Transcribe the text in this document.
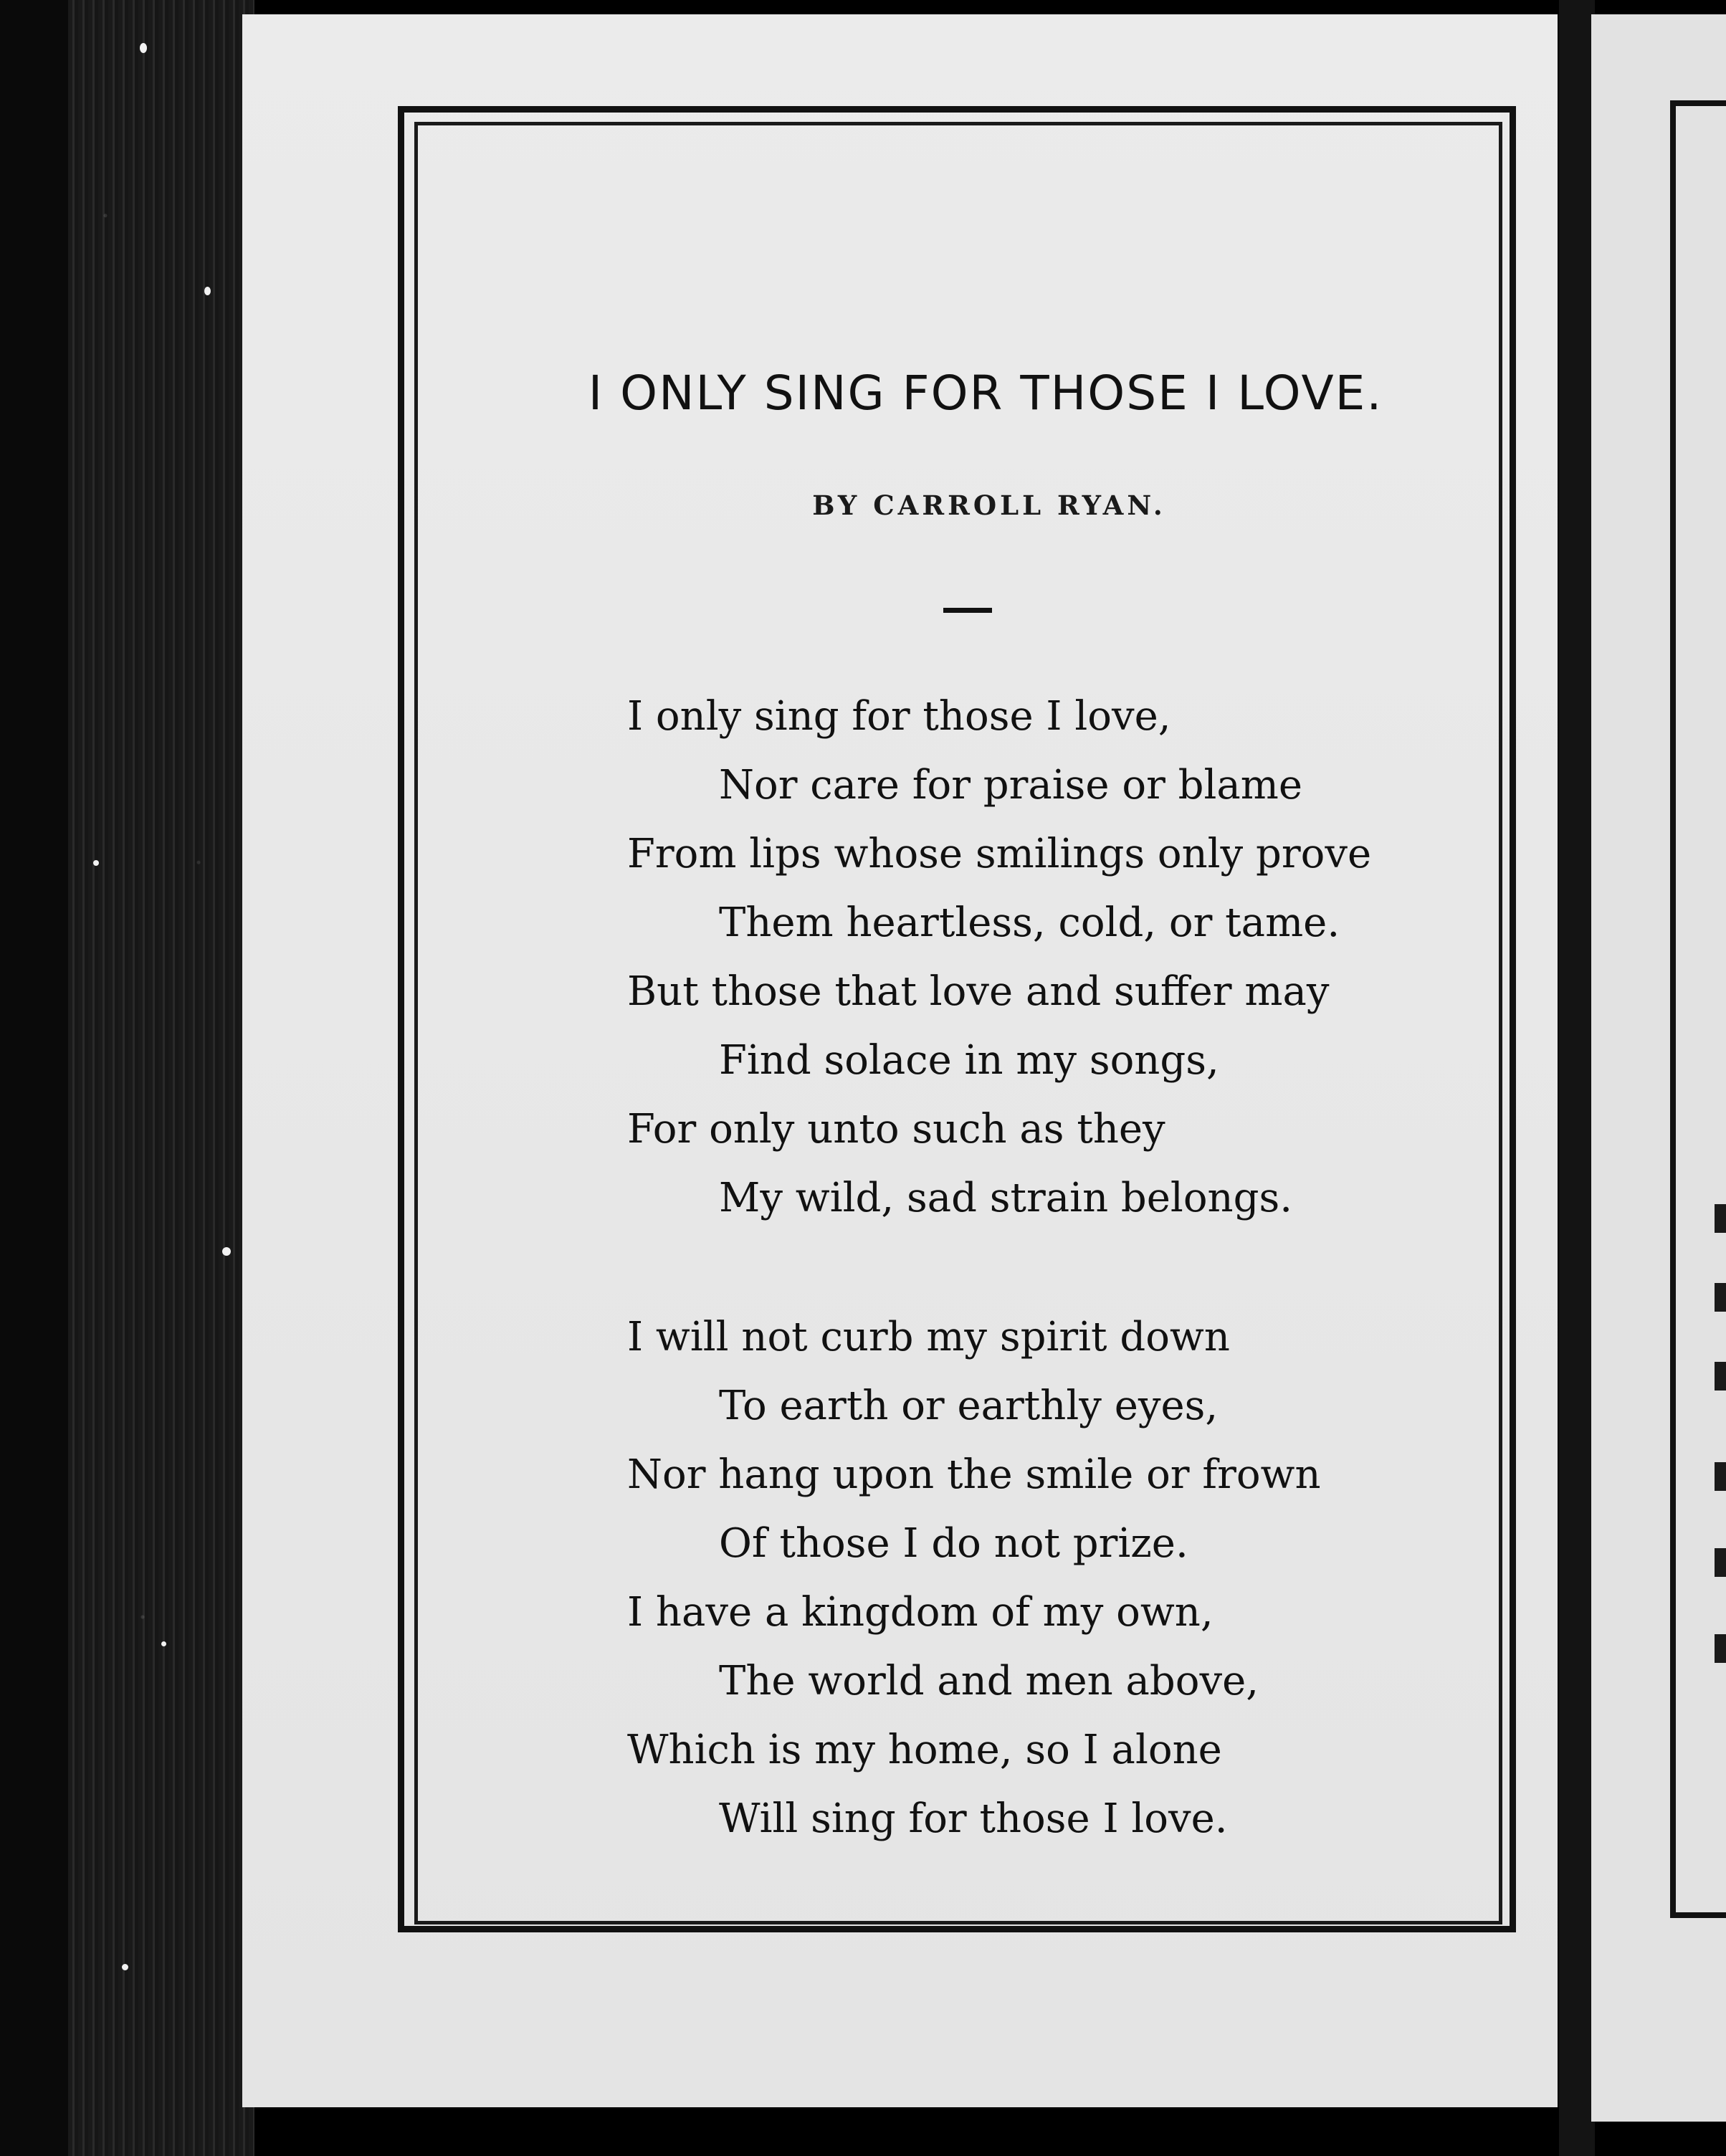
I ONLY SING FOR THOSE I LOVE.
BY CARROLL RYAN.
I only sing for those I love,
Nor care for praise or blame
From lips whose smilings only prove
Them heartless, cold, or tame.
But those that love and suffer may
Find solace in my songs,
For only unto such as they
My wild, sad strain belongs.
I will not curb my spirit down
To earth or earthly eyes,
Nor hang upon the smile or frown
Of those I do not prize.
I have a kingdom of my own,
The world and men above,
Which is my home, so I alone
Will sing for those I love.
